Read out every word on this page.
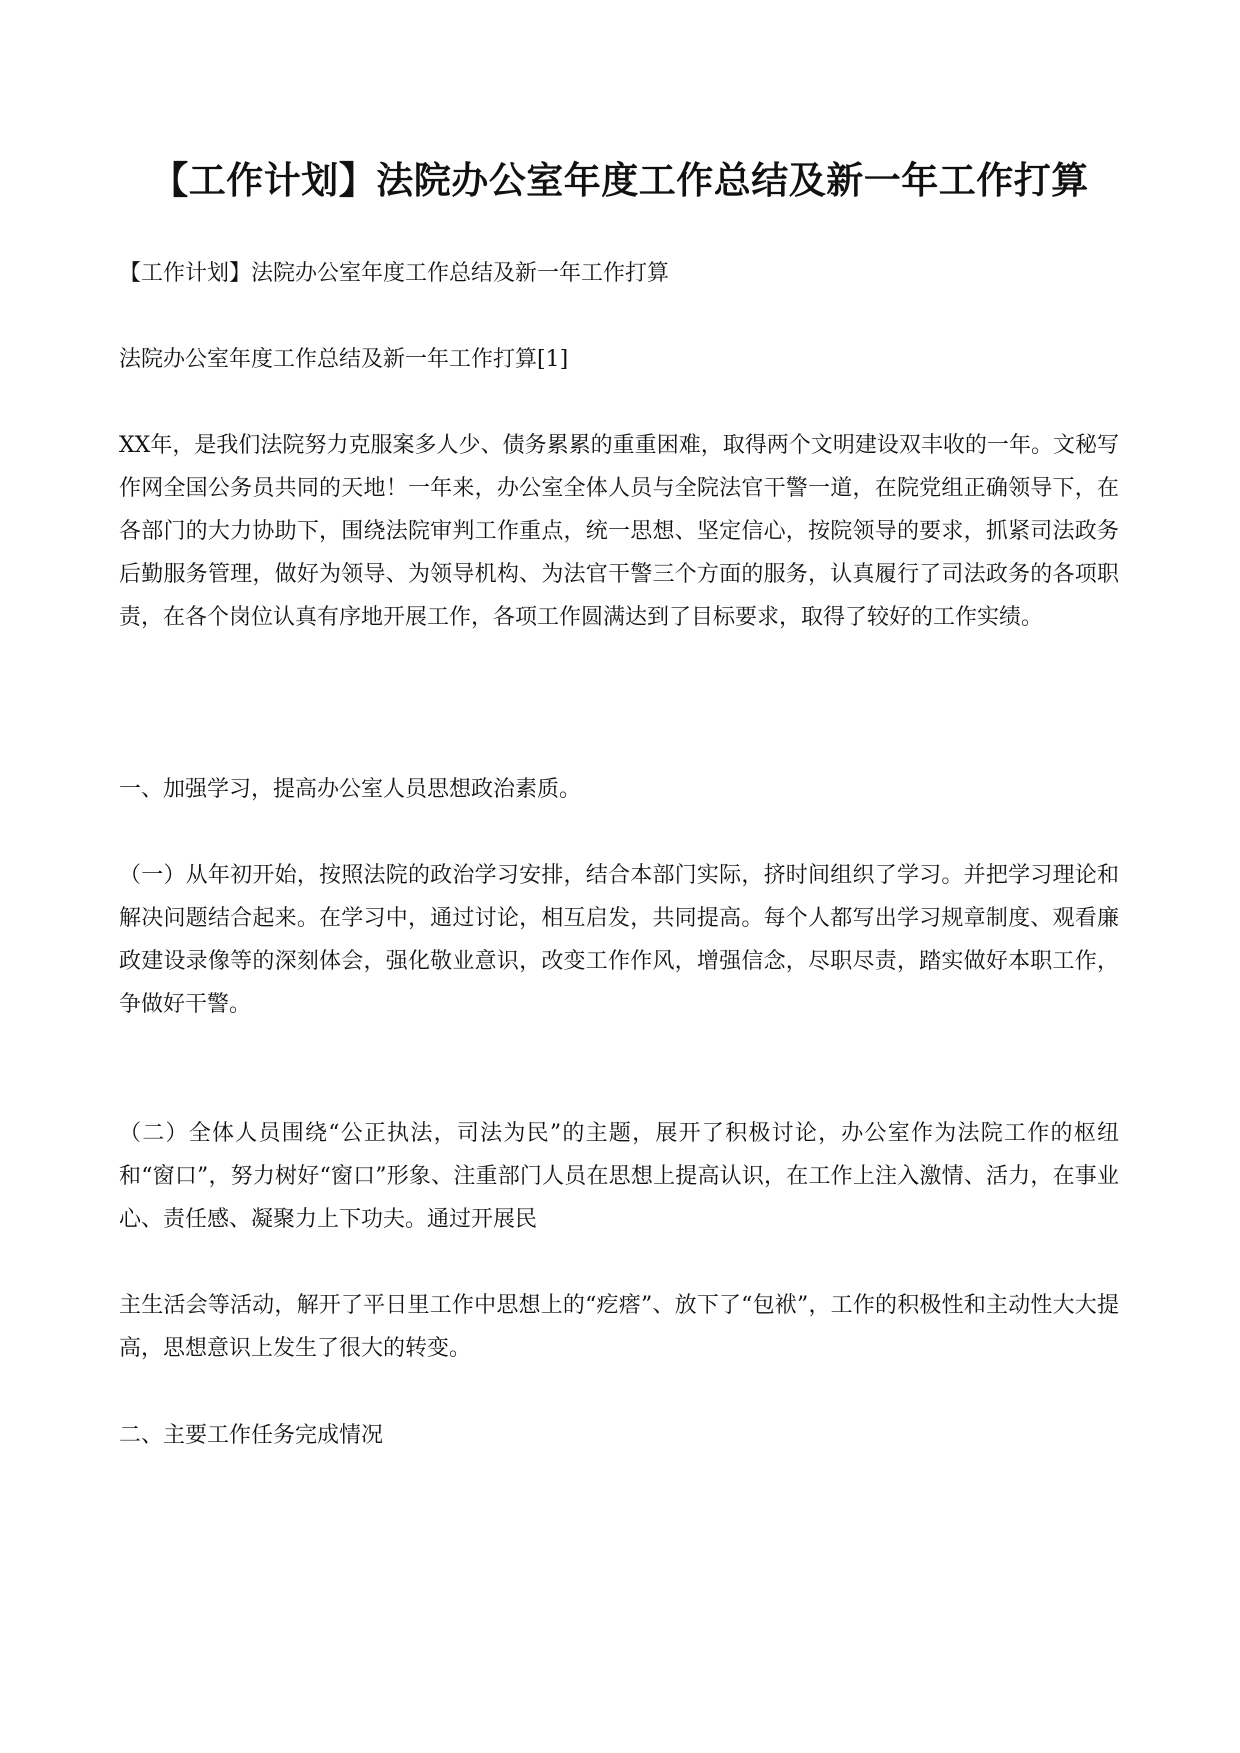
【工作计划】法院办公室年度工作总结及新一年工作打算

【工作计划】法院办公室年度工作总结及新一年工作打算

法院办公室年度工作总结及新一年工作打算[1]

XX年，是我们法院努力克服案多人少、债务累累的重重困难，取得两个文明建设双丰收的一年。文秘写作网全国公务员共同的天地！一年来，办公室全体人员与全院法官干警一道，在院党组正确领导下，在各部门的大力协助下，围绕法院审判工作重点，统一思想、坚定信心，按院领导的要求，抓紧司法政务后勤服务管理，做好为领导、为领导机构、为法官干警三个方面的服务，认真履行了司法政务的各项职责，在各个岗位认真有序地开展工作，各项工作圆满达到了目标要求，取得了较好的工作实绩。

一、加强学习，提高办公室人员思想政治素质。

（一）从年初开始，按照法院的政治学习安排，结合本部门实际，挤时间组织了学习。并把学习理论和解决问题结合起来。在学习中，通过讨论，相互启发，共同提高。每个人都写出学习规章制度、观看廉政建设录像等的深刻体会，强化敬业意识，改变工作作风，增强信念，尽职尽责，踏实做好本职工作，争做好干警。

（二）全体人员围绕“公正执法，司法为民”的主题，展开了积极讨论，办公室作为法院工作的枢纽和“窗口”，努力树好“窗口”形象、注重部门人员在思想上提高认识，在工作上注入激情、活力，在事业心、责任感、凝聚力上下功夫。通过开展民

主生活会等活动，解开了平日里工作中思想上的“疙瘩”、放下了“包袱”，工作的积极性和主动性大大提高，思想意识上发生了很大的转变。

二、主要工作任务完成情况
